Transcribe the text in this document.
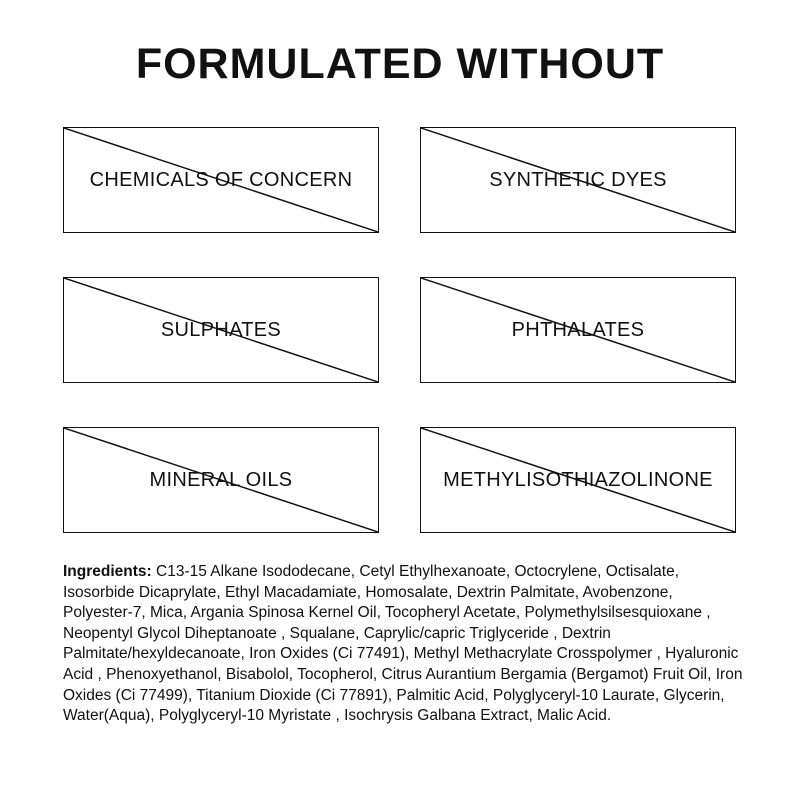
FORMULATED WITHOUT
CHEMICALS OF CONCERN	SYNTHETIC DYES
SULPHATES	PHTHALATES
MINERAL OILS	METHYLISOTHIAZOLINONE
Ingredients: C13-15 Alkane Isododecane, Cetyl Ethylhexanoate, Octocrylene, Octisalate, Isosorbide Dicaprylate, Ethyl Macadamiate, Homosalate, Dextrin Palmitate, Avobenzone, Polyester-7, Mica, Argania Spinosa Kernel Oil, Tocopheryl Acetate, Polymethylsilsesquioxane , Neopentyl Glycol Diheptanoate , Squalane, Caprylic/capric Triglyceride , Dextrin Palmitate/hexyldecanoate, Iron Oxides (Ci 77491), Methyl Methacrylate Crosspolymer , Hyaluronic Acid , Phenoxyethanol, Bisabolol, Tocopherol, Citrus Aurantium Bergamia (Bergamot) Fruit Oil, Iron Oxides (Ci 77499), Titanium Dioxide (Ci 77891), Palmitic Acid, Polyglyceryl-10 Laurate, Glycerin, Water(Aqua), Polyglyceryl-10 Myristate , Isochrysis Galbana Extract, Malic Acid.
